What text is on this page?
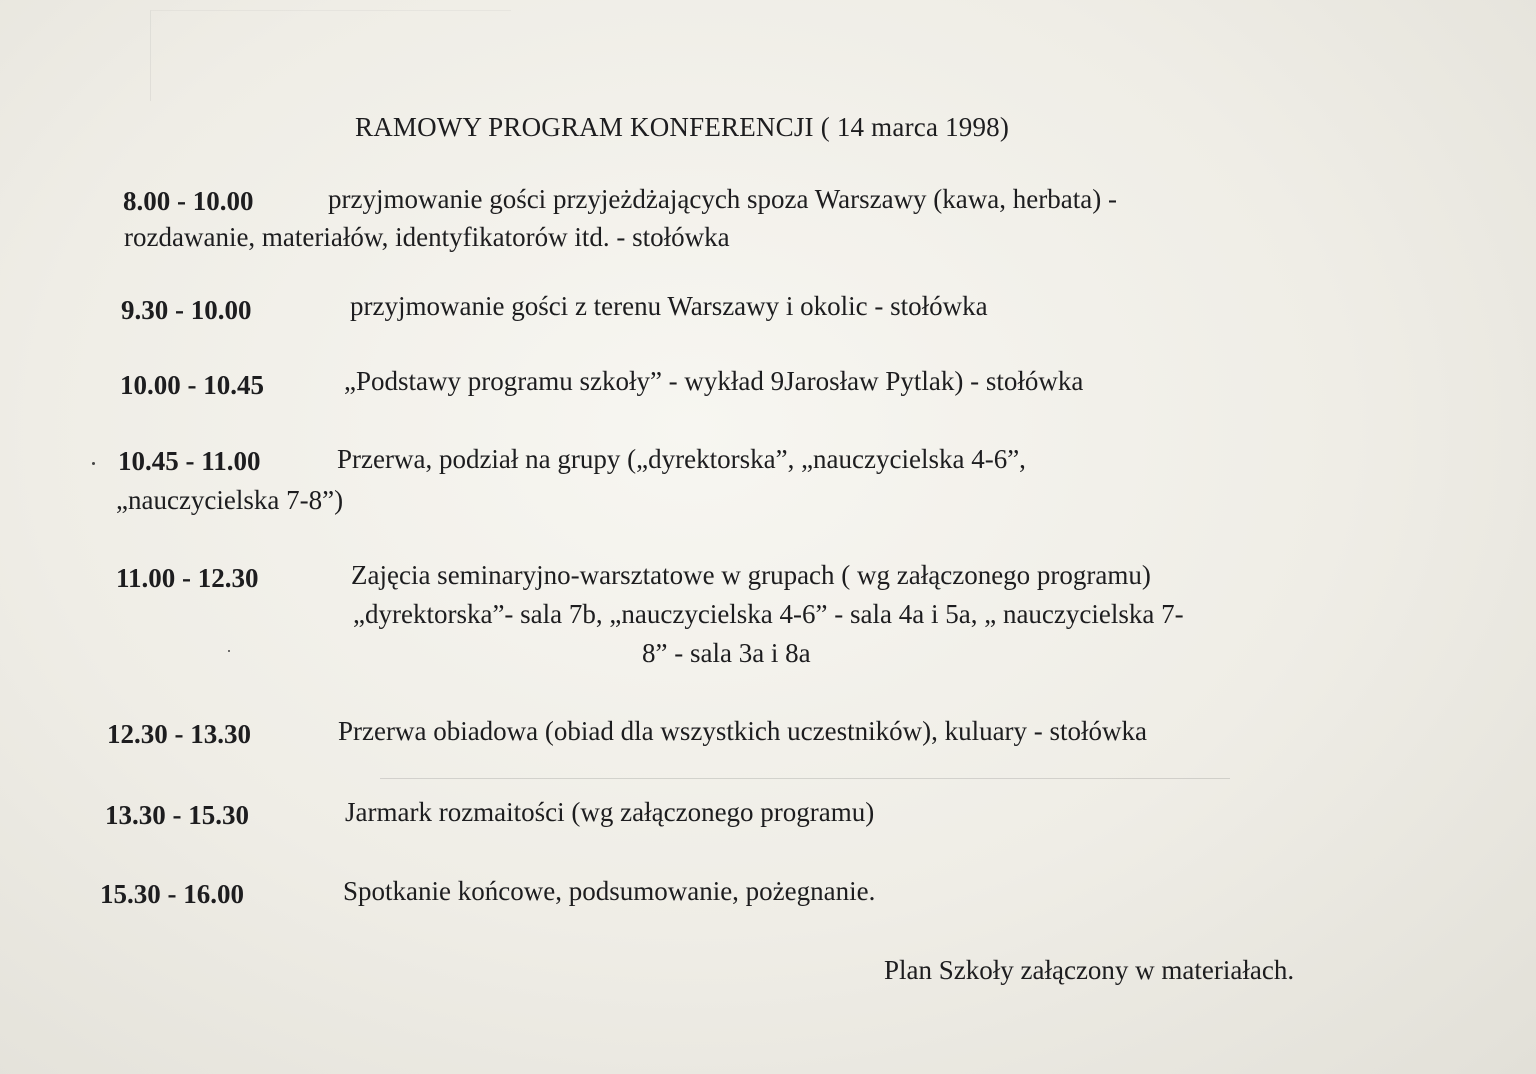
RAMOWY PROGRAM KONFERENCJI ( 14 marca 1998)
8.00 - 10.00	przyjmowanie gości przyjeżdżających spoza Warszawy (kawa, herbata) -
rozdawanie, materiałów, identyfikatorów itd. - stołówka
9.30 - 10.00	przyjmowanie gości z terenu Warszawy i okolic - stołówka
10.00 - 10.45	„Podstawy programu szkoły” - wykład 9Jarosław Pytlak) - stołówka
10.45 - 11.00	Przerwa, podział na grupy („dyrektorska”, „nauczycielska 4-6”,
„nauczycielska 7-8”)
11.00 - 12.30	Zajęcia seminaryjno-warsztatowe w grupach ( wg załączonego programu)
„dyrektorska”- sala 7b, „nauczycielska 4-6” - sala 4a i 5a, „ nauczycielska 7-
8” - sala 3a i 8a
12.30 - 13.30	Przerwa obiadowa (obiad dla wszystkich uczestników), kuluary - stołówka
13.30 - 15.30	Jarmark rozmaitości (wg załączonego programu)
15.30 - 16.00	Spotkanie końcowe, podsumowanie, pożegnanie.
Plan Szkoły załączony w materiałach.
